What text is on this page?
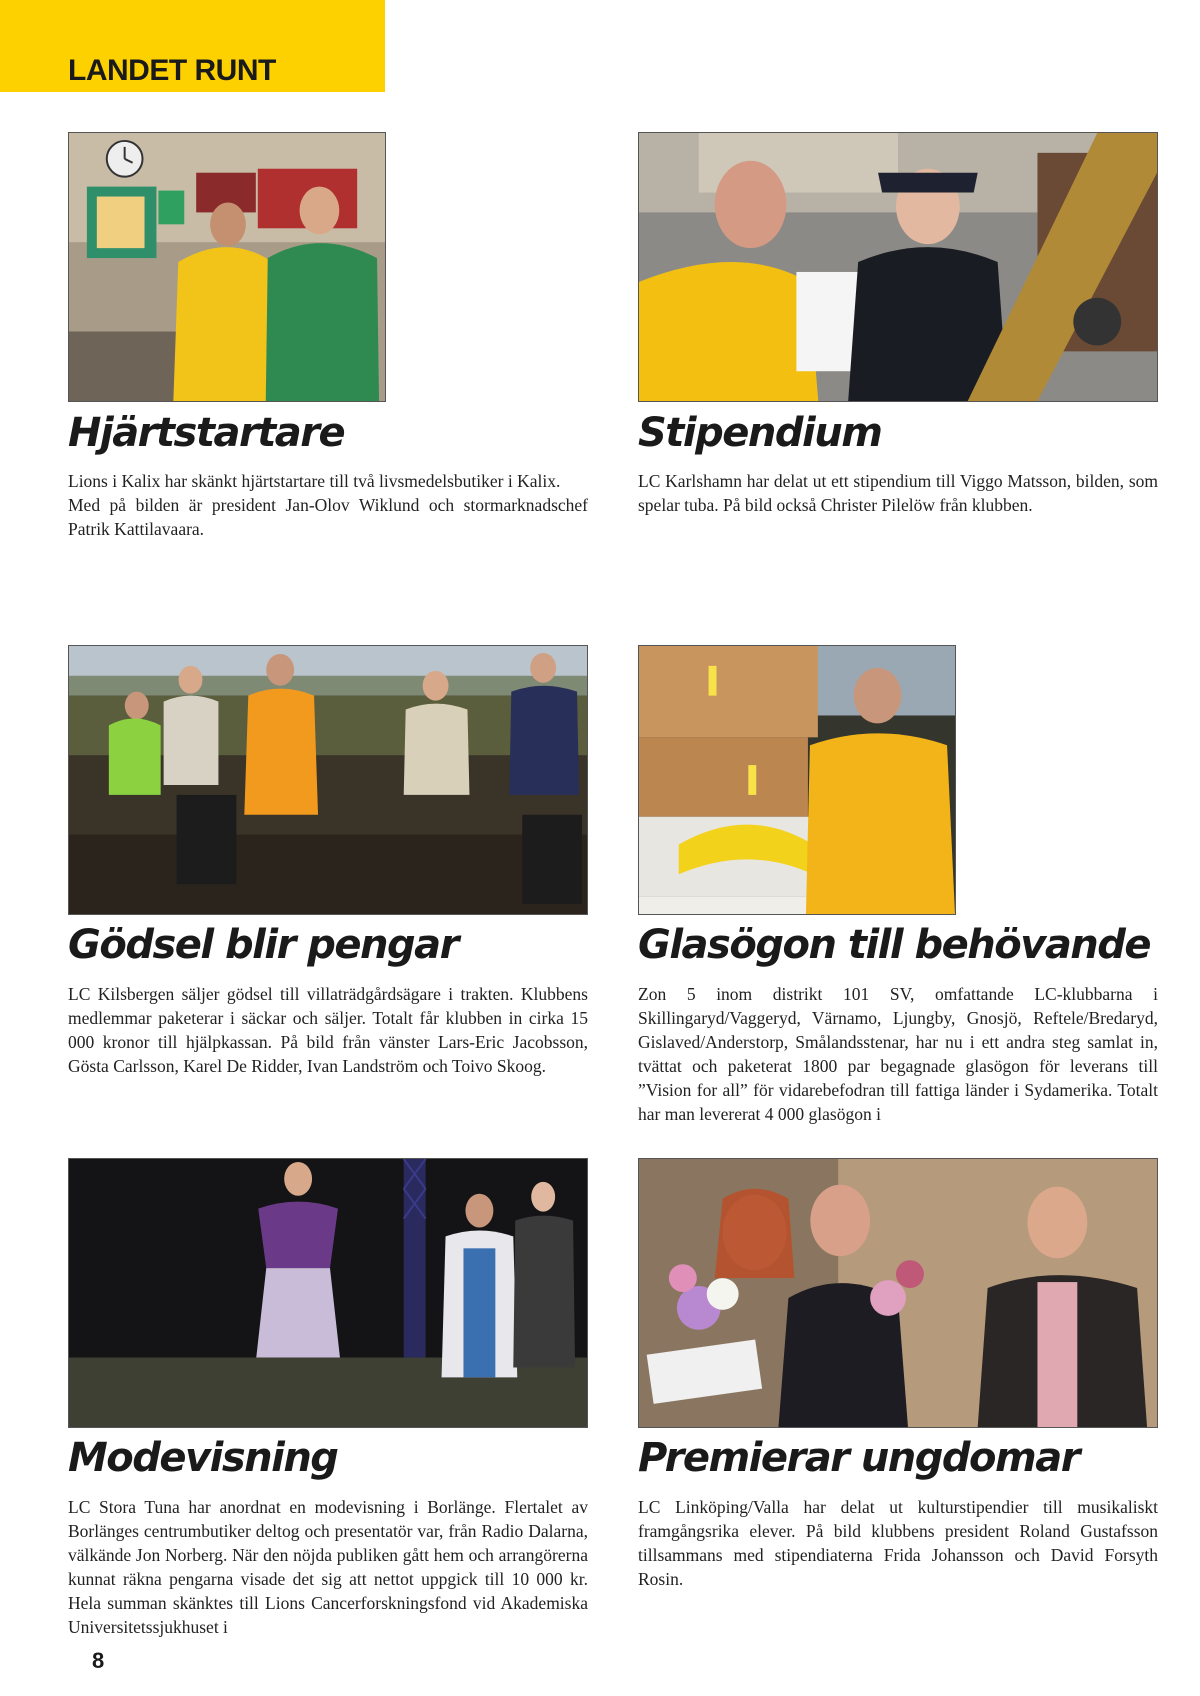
LANDET RUNT
Hjärtstartare

Lions i Kalix har skänkt hjärtstartare till två livsmedelsbutiker i Kalix.

Med på bilden är president Jan-Olov Wiklund och stormarknadschef Patrik Kattilavaara.

Stipendium

LC Karlshamn har delat ut ett stipendium till Viggo Matsson, bilden, som spelar tuba. På bild också Christer Pilelöw från klubben.

Gödsel blir pengar

LC Kilsbergen säljer gödsel till villaträdgårdsägare i trakten. Klubbens medlemmar paketerar i säckar och säljer. Totalt får klubben in cirka 15 000 kronor till hjälpkassan. På bild från vänster Lars-Eric Jacobsson, Gösta Carlsson, Karel De Ridder, Ivan Landström och Toivo Skoog.

Glasögon till behövande

Zon 5 inom distrikt 101 SV, omfattande LC-klubbarna i Skillingaryd/Vaggeryd, Värnamo, Ljungby, Gnosjö, Reftele/Bredaryd, Gislaved/Anderstorp, Smålandsstenar, har nu i ett andra steg samlat in, tvättat och paketerat 1800 par begagnade glasögon för leverans till ”Vision for all” för vidarebefodran till fattiga länder i Sydamerika. Totalt har man levererat 4 000 glasögon i

Modevisning

LC Stora Tuna har anordnat en modevisning i Borlänge. Flertalet av Borlänges centrumbutiker deltog och presentatör var, från Radio Dalarna, välkände Jon Norberg. När den nöjda publiken gått hem och arrangörerna kunnat räkna pengarna visade det sig att nettot uppgick till 10 000 kr. Hela summan skänktes till Lions Cancerforskningsfond vid Akademiska Universitetssjukhuset i

Premierar ungdomar

LC Linköping/Valla har delat ut kulturstipendier till musikaliskt framgångsrika elever. På bild klubbens president Roland Gustafsson tillsammans med stipendiaterna Frida Johansson och David Forsyth Rosin.

8
